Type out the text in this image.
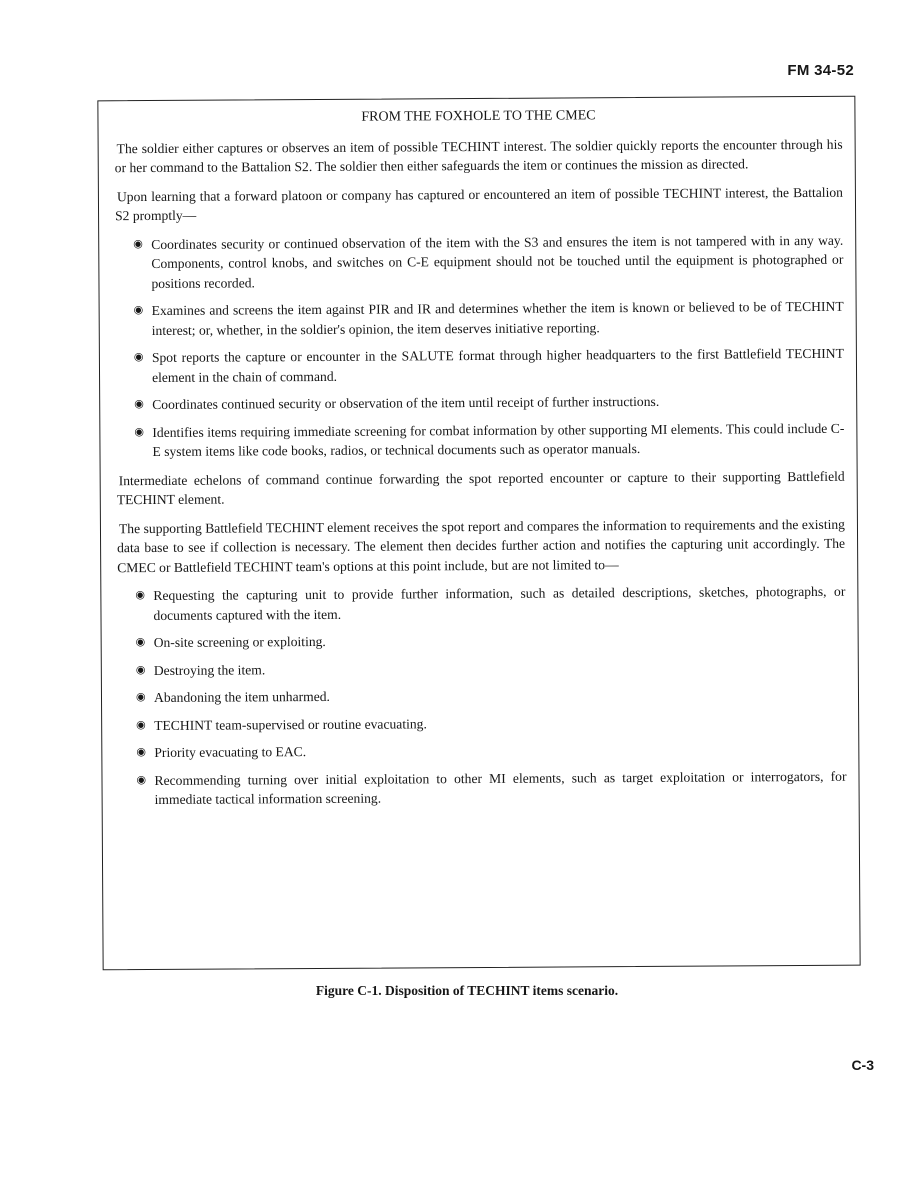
FM 34-52
FROM THE FOXHOLE TO THE CMEC

The soldier either captures or observes an item of possible TECHINT interest. The soldier quickly reports the encounter through his or her command to the Battalion S2. The soldier then either safeguards the item or continues the mission as directed.

Upon learning that a forward platoon or company has captured or encountered an item of possible TECHINT interest, the Battalion S2 promptly—

◉ Coordinates security or continued observation of the item with the S3 and ensures the item is not tampered with in any way. Components, control knobs, and switches on C-E equipment should not be touched until the equipment is photographed or positions recorded.
◉ Examines and screens the item against PIR and IR and determines whether the item is known or believed to be of TECHINT interest; or, whether, in the soldier's opinion, the item deserves initiative reporting.
◉ Spot reports the capture or encounter in the SALUTE format through higher headquarters to the first Battlefield TECHINT element in the chain of command.
◉ Coordinates continued security or observation of the item until receipt of further instructions.
◉ Identifies items requiring immediate screening for combat information by other supporting MI elements. This could include C-E system items like code books, radios, or technical documents such as operator manuals.

Intermediate echelons of command continue forwarding the spot reported encounter or capture to their supporting Battlefield TECHINT element.

The supporting Battlefield TECHINT element receives the spot report and compares the information to requirements and the existing data base to see if collection is necessary. The element then decides further action and notifies the capturing unit accordingly. The CMEC or Battlefield TECHINT team's options at this point include, but are not limited to—

◉ Requesting the capturing unit to provide further information, such as detailed descriptions, sketches, photographs, or documents captured with the item.
◉ On-site screening or exploiting.
◉ Destroying the item.
◉ Abandoning the item unharmed.
◉ TECHINT team-supervised or routine evacuating.
◉ Priority evacuating to EAC.
◉ Recommending turning over initial exploitation to other MI elements, such as target exploitation or interrogators, for immediate tactical information screening.
Figure C-1. Disposition of TECHINT items scenario.
C-3
